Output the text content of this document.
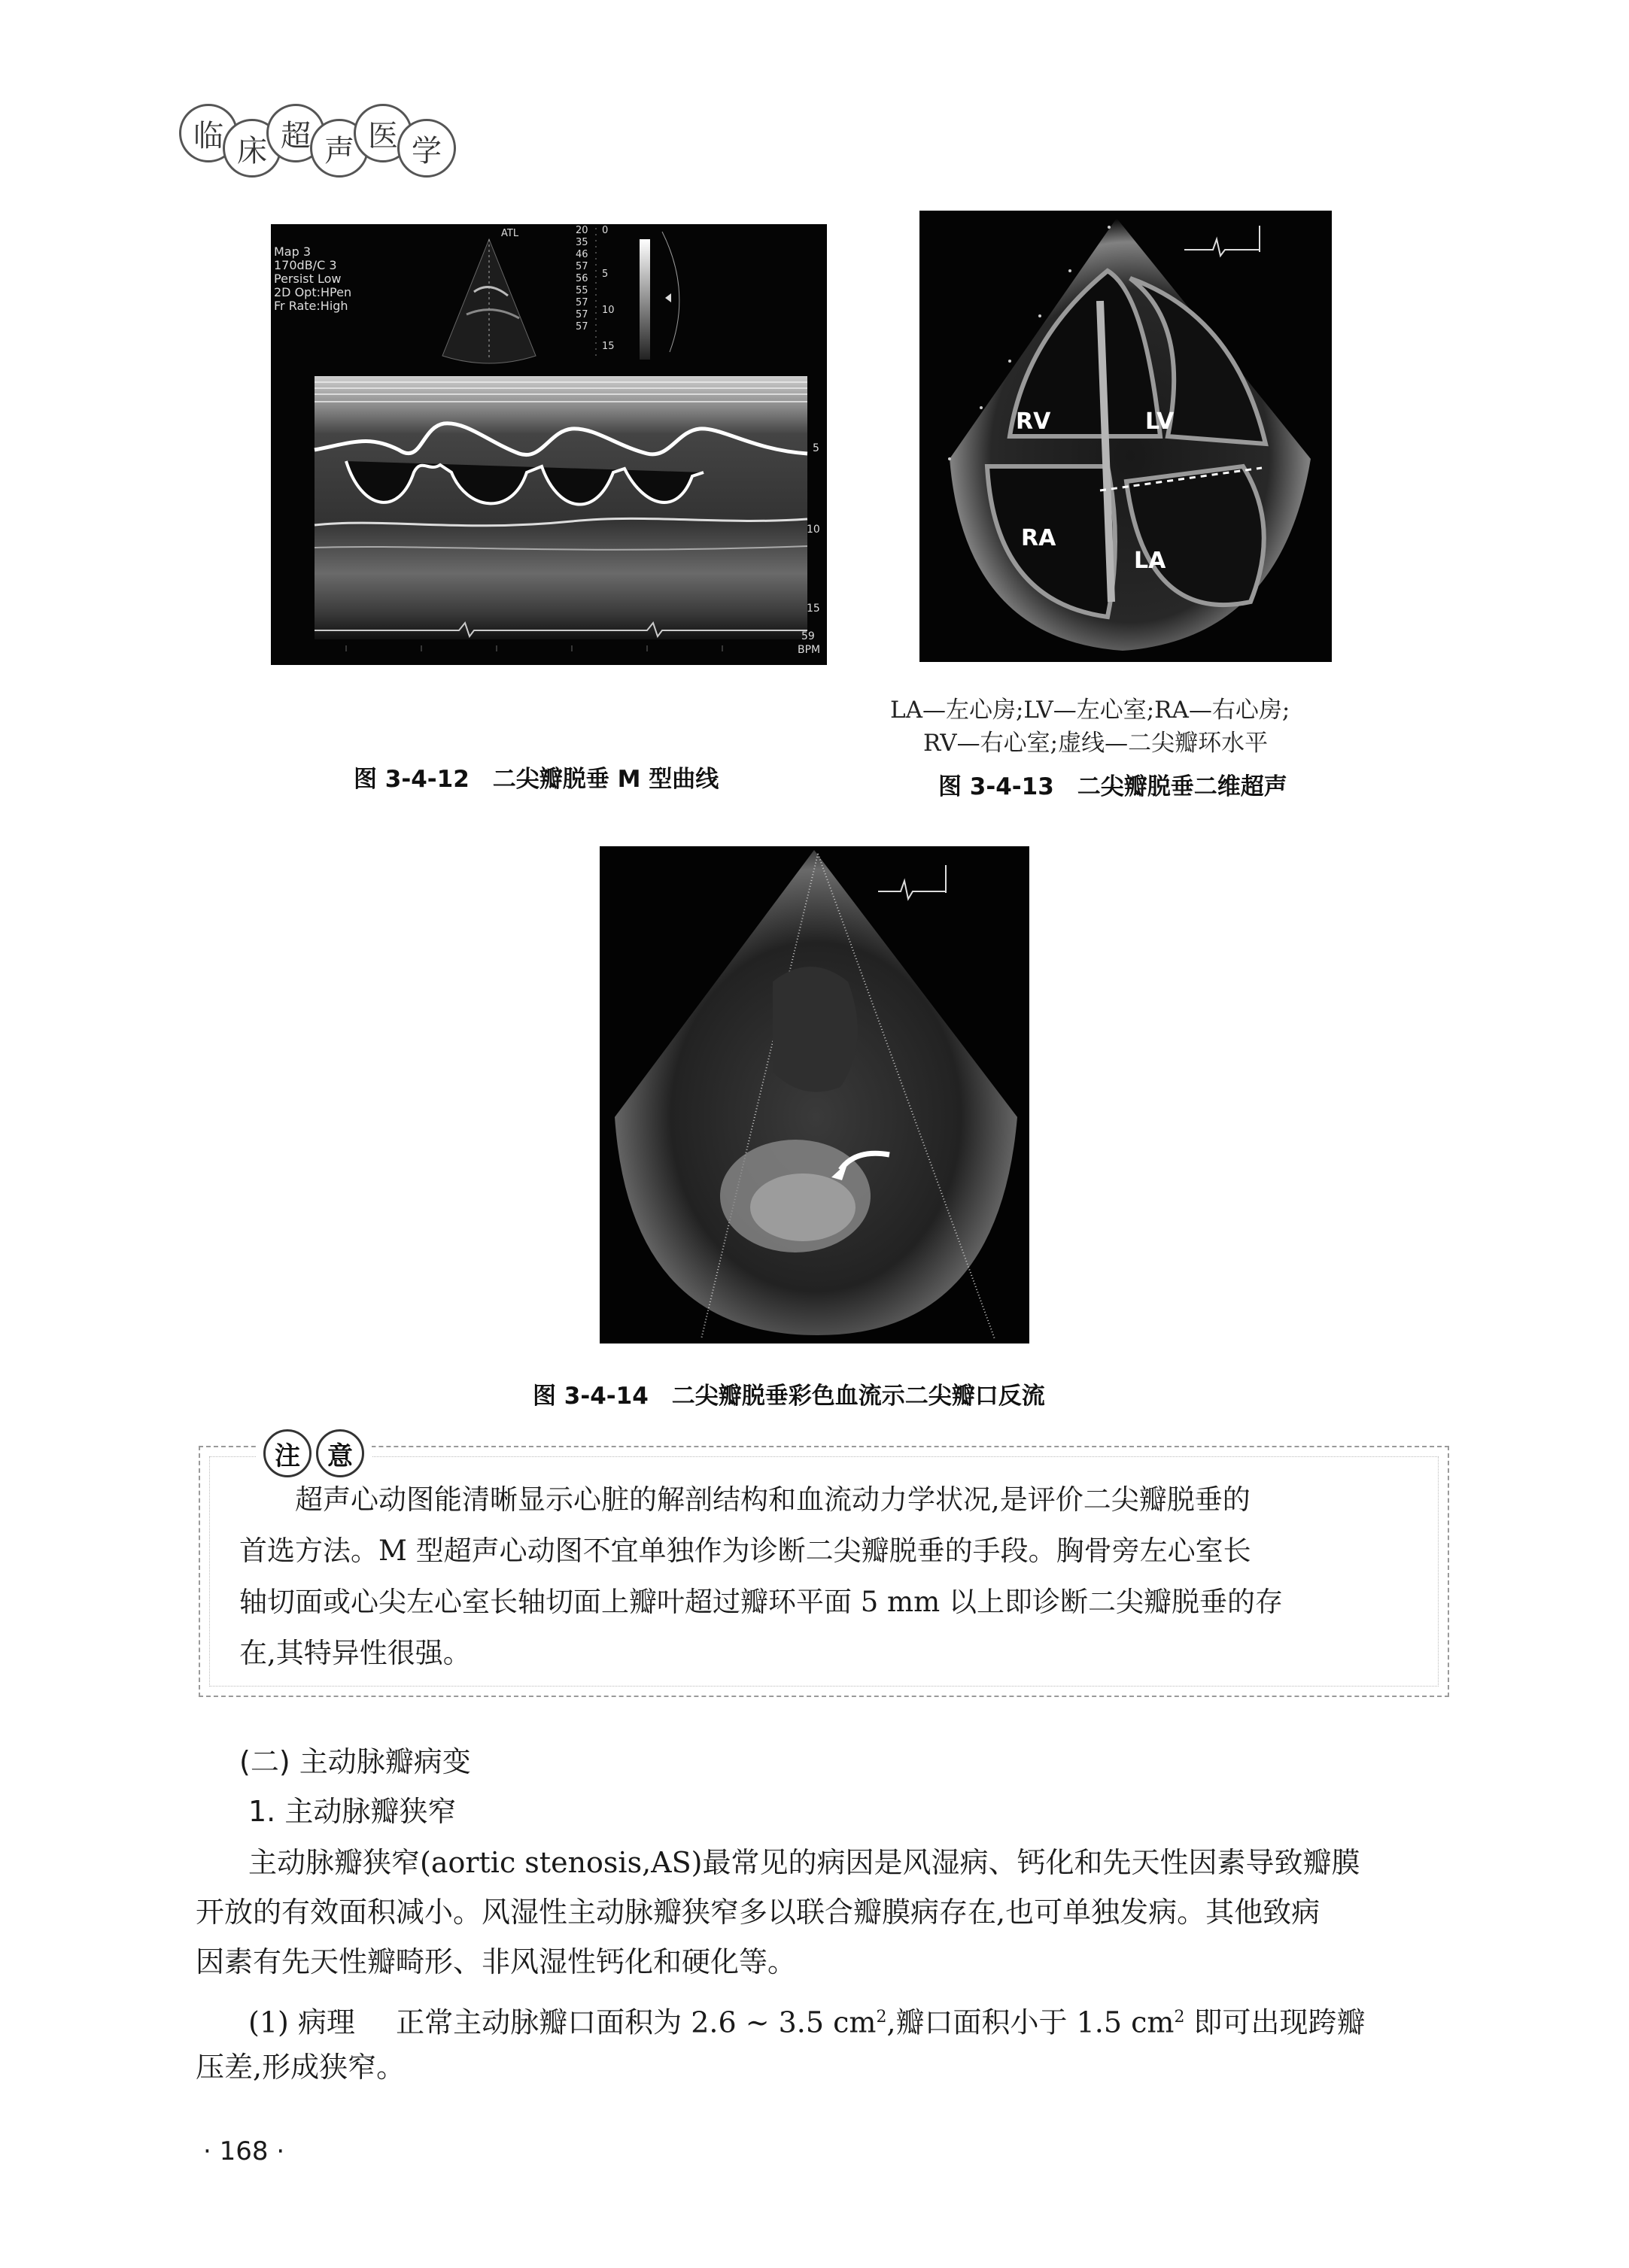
临 床 超 声 医 学
Map 3
170dB/C 3
Persist Low
2D Opt:HPen
Fr Rate:High
ATL	20
35
46
57
56
55
57
57
57
0
5
10
15
5
10
15
59
BPM
RV	LV
RA
LA
LA—左心房;LV—左心室;RA—右心房;
RV—右心室;虚线—二尖瓣环水平
图 3-4-12　二尖瓣脱垂 M 型曲线	图 3-4-13　二尖瓣脱垂二维超声
图 3-4-14　二尖瓣脱垂彩色血流示二尖瓣口反流
注	意
超声心动图能清晰显示心脏的解剖结构和血流动力学状况,是评价二尖瓣脱垂的
首选方法。M 型超声心动图不宜单独作为诊断二尖瓣脱垂的手段。胸骨旁左心室长
轴切面或心尖左心室长轴切面上瓣叶超过瓣环平面 5 mm 以上即诊断二尖瓣脱垂的存
在,其特异性很强。
(二) 主动脉瓣病变
1. 主动脉瓣狭窄
主动脉瓣狭窄(aortic stenosis,AS)最常见的病因是风湿病、钙化和先天性因素导致瓣膜
开放的有效面积减小。风湿性主动脉瓣狭窄多以联合瓣膜病存在,也可单独发病。其他致病
因素有先天性瓣畸形、非风湿性钙化和硬化等。
(1) 病理 正常主动脉瓣口面积为 2.6 ~ 3.5 $cm^2$,瓣口面积小于 1.5 $cm^2$ 即可出现跨瓣
压差,形成狭窄。
· 168 ·
